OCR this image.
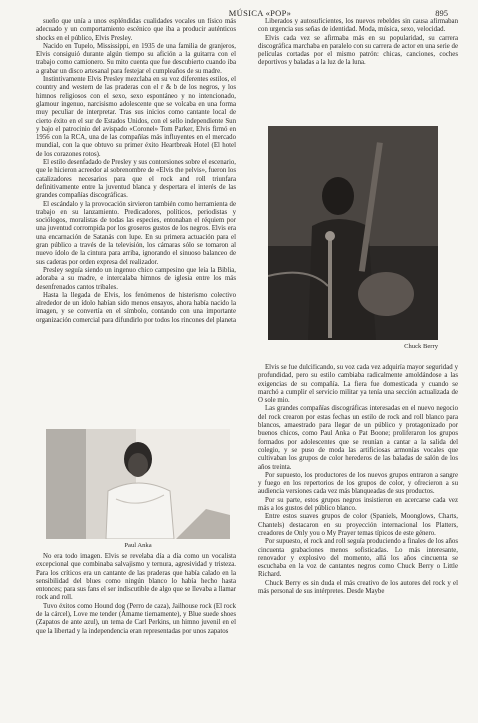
MÚSICA «POP»	895

sueño que unía a unos espléndidas cualidades vocales un físico más adecuado y un comportamiento escénico que iba a producir auténticos shocks en el público, Elvis Presley.

Nacido en Tupelo, Mississippi, en 1935 de una familia de granjeros, Elvis consiguió durante algún tiempo su afición a la guitarra con el trabajo como camionero. Su mito cuenta que fue descubierto cuando iba a grabar un disco artesanal para festejar el cumpleaños de su madre.

Instintivamente Elvis Presley mezclaba en su voz diferentes estilos, el country and western de las praderas con el r & b de los negros, y los himnos religiosos con el sexo, sexo espontáneo y no intencionado, glamour ingenuo, narcisismo adolescente que se volcaba en una forma muy peculiar de interpretar. Tras sus inicios como cantante local de cierto éxito en el sur de Estados Unidos, con el sello independiente Sun y bajo el patrocinio del avispado «Coronel» Tom Parker, Elvis firmó en 1956 con la RCA, una de las compañías más influyentes en el mercado mundial, con la que obtuvo su primer éxito Heartbreak Hotel (El hotel de los corazones rotos).

El estilo desenfadado de Presley y sus contorsiones sobre el escenario, que le hicieron acreedor al sobrenombre de «Elvis the pelvis», fueron los catalizadores necesarios para que el rock and roll triunfara definitivamente entre la juventud blanca y despertara el interés de las grandes compañías discográficas.

El escándalo y la provocación sirvieron también como herramienta de trabajo en su lanzamiento. Predicadores, políticos, periodistas y sociólogos, moralistas de todas las especies, entonaban el réquiem por una juventud corrompida por los groseros gustos de los negros. Elvis era una encarnación de Satanás con lupe. En su primera actuación para el gran público a través de la televisión, los cámaras sólo se tomaron al nuevo ídolo de la cintura para arriba, ignorando el sinuoso balanceo de sus caderas por orden expresa del realizador.

Presley seguía siendo un ingenuo chico campesino que leía la Biblia, adoraba a su madre, e intercalaba himnos de iglesia entre los más desenfrenados cantos tribales.

Hasta la llegada de Elvis, los fenómenos de histerismo colectivo alrededor de un ídolo habían sido menos ensayos, ahora había nacido la imagen, y se convertía en el símbolo, contando con una importante organización comercial para difundirlo por todos los rincones del planeta

Paul Anka

No era todo imagen. Elvis se revelaba día a día como un vocalista excepcional que combinaba salvajismo y ternura, agresividad y tristeza. Para los críticos era un cantante de las praderas que había calado en la sensibilidad del blues como ningún blanco lo había hecho hasta entonces; para sus fans el ser indiscutible de algo que se llevaba a llamar rock and roll.

Tuvo éxitos como Hound dog (Perro de caza), Jailhouse rock (El rock de la cárcel), Love me tender (Ámame tiernamente), y Blue suede shoes (Zapatos de ante azul), un tema de Carl Perkins, un himno juvenil en el que la libertad y la independencia eran representadas por unos zapatos

Liberados y autosuficientes, los nuevos rebeldes sin causa afirmaban con urgencia sus señas de identidad. Moda, música, sexo, velocidad.

Elvis cada vez se afirmaba más en su popularidad, su carrera discográfica marchaba en paralelo con su carrera de actor en una serie de películas cortadas por el mismo patrón: chicas, canciones, coches deportivos y baladas a la luz de la luna.

Chuck Berry

Elvis se fue dulcificando, su voz cada vez adquiría mayor seguridad y profundidad, pero su estilo cambiaba radicalmente amoldándose a las exigencias de su compañía. La fiera fue domesticada y cuando se marchó a cumplir el servicio militar ya tenía una sección actualizada de O sole mio.

Las grandes compañías discográficas interesadas en el nuevo negocio del rock crearon por estas fechas un estilo de rock and roll blanco para blancos, amaestrado para llegar de un público y protagonizado por buenos chicos, como Paul Anka o Pat Boone; proliferaron los grupos formados por adolescentes que se reunían a cantar a la salida del colegio, y se puso de moda las artificiosas armonías vocales que cultivaban los grupos de color herederos de las baladas de salón de los años treinta.

Por supuesto, los productores de los nuevos grupos entraron a sangre y fuego en los repertorios de los grupos de color, y ofrecieron a su audiencia versiones cada vez más blanqueadas de sus productos.

Por su parte, estos grupos negros insistieron en acercarse cada vez más a los gustos del público blanco.

Entre estos suaves grupos de color (Spaniels, Moonglows, Charts, Chantels) destacaron en su proyección internacional los Platters, creadores de Only you o My Prayer temas típicos de este género.

Por supuesto, el rock and roll seguía produciendo a finales de los años cincuenta grabaciones menos sofisticadas. Lo más interesante, renovador y explosivo del momento, allá los años cincuenta se escuchaba en la voz de cantantes negros como Chuck Berry o Little Richard.

Chuck Berry es sin duda el más creativo de los autores del rock y el más personal de sus intérpretes. Desde Maybe
